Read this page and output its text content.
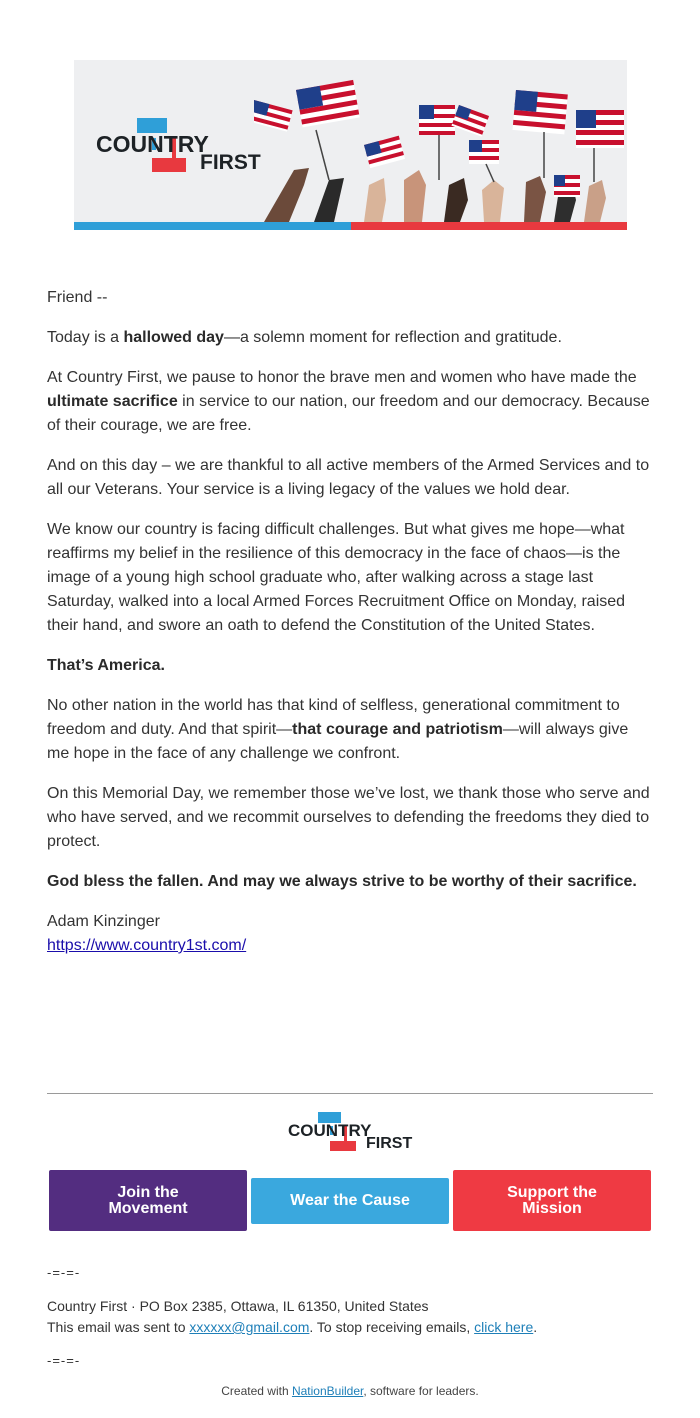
COUNTRY
FIRST

Friend --

Today is a hallowed day—a solemn moment for reflection and gratitude.

At Country First, we pause to honor the brave men and women who have made the ultimate sacrifice in service to our nation, our freedom and our democracy. Because of their courage, we are free.

And on this day – we are thankful to all active members of the Armed Services and to all our Veterans. Your service is a living legacy of the values we hold dear.

We know our country is facing difficult challenges. But what gives me hope—what reaffirms my belief in the resilience of this democracy in the face of chaos—is the image of a young high school graduate who, after walking across a stage last Saturday, walked into a local Armed Forces Recruitment Office on Monday, raised their hand, and swore an oath to defend the Constitution of the United States.

That’s America.

No other nation in the world has that kind of selfless, generational commitment to freedom and duty. And that spirit—that courage and patriotism—will always give me hope in the face of any challenge we confront.

On this Memorial Day, we remember those we’ve lost, we thank those who serve and who have served, and we recommit ourselves to defending the freedoms they died to protect.

God bless the fallen. And may we always strive to be worthy of their sacrifice.

Adam Kinzinger
https://www.country1st.com/

COUNTRY
FIRST
Join the Movement	Wear the Cause	Support the Mission
-=-=-
Country First · PO Box 2385, Ottawa, IL 61350, United States
This email was sent to xxxxxx@gmail.com. To stop receiving emails, click here.
-=-=-
Created with NationBuilder, software for leaders.
